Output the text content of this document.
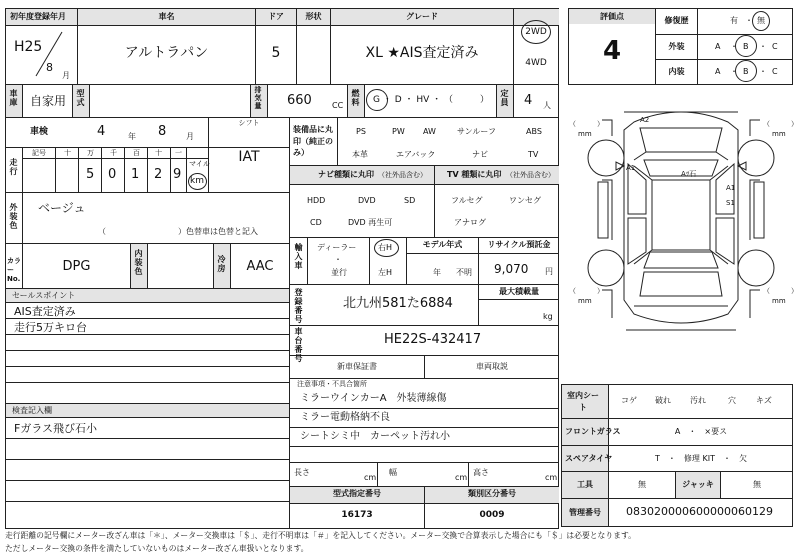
初年度登録年月
H25
8
月
車名
アルトラパン
ドア
5
形状	グレード
XL ★AIS査定済み
2WD
4WD
車庫 自家用 型式	排気量 660	CC 燃料 G ・ D ・ HV ・ （　　　） 定員 4 人
車検	4	年 8 月
シフト
IAT
走行
記号	十 万 千 百 十 一
5 0 1 2 9
マイル
km
外装色 ベージュ
（　　　　　　　　　）色替車は色替と記入
カラーNo.
DPG	内装色	冷房	AAC
セールスポイント
AIS査定済み
走行5万キロ台
検査記入欄
Fガラス飛び石小
装備品に丸印（純正のみ）
PS	PW AW	サンルーフ	ABS
本革	エアバック	ナビ	TV
ナビ種類に丸印 （社外品含む）	TV 種類に丸印 （社外品含む）
HDD	DVD	SD
CD	DVD 再生可
フルセグ	ワンセグ
アナログ
輸入車 ディーラー
・
並行
右H
左H
モデル年式
年 不明
リサイクル預託金
9,070 円
登録番号	北九州581た6884
最大積載量
kg
車台番号	HE22S-432417
新車保証書	車両取説
注意事項・不具合箇所
ミラーウインカーA　外装薄線傷
ミラー電動格納不良
シートシミ中　カーペット汚れ小
長さ
cm
幅
cm
高さ
cm
型式指定番号
16173
類別区分番号
0009
評価点
4
修復歴	有 ・ 無
外装	A ・ B ・ C
内装	A ・ B ・ C
A2
A1
A1
S1
Aﾂ石
（　　　）
mm
（　　　）
mm
（　　　）
mm
（　　　）
mm
室内シート
コゲ 破れ 汚れ	穴	キズ
フロントガラス	A　・　×要ス
スペアタイヤ	T　・　修理 KIT　・　欠
工具	無	ジャッキ	無
管理番号	083020000600000060129
走行距離の記号欄にメーター改ざん車は「＊」、メーター交換車は「＄」、走行不明車は「＃」を記入してください。メーター交換で合算表示した場合にも「＄」は必要となります。
ただしメーター交換の条件を満たしていないものはメーター改ざん車扱いとなります。
